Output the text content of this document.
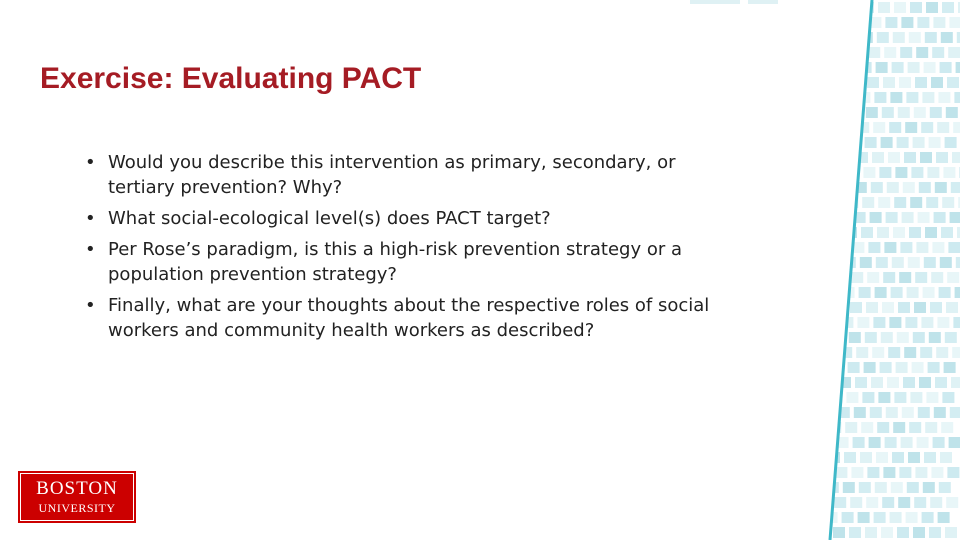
Exercise: Evaluating PACT
• Would you describe this intervention as primary, secondary, or tertiary prevention? Why?
• What social-ecological level(s) does PACT target?
• Per Rose’s paradigm, is this a high-risk prevention strategy or a population prevention strategy?
• Finally, what are your thoughts about the respective roles of social workers and community health workers as described?
BOSTON
UNIVERSITY
